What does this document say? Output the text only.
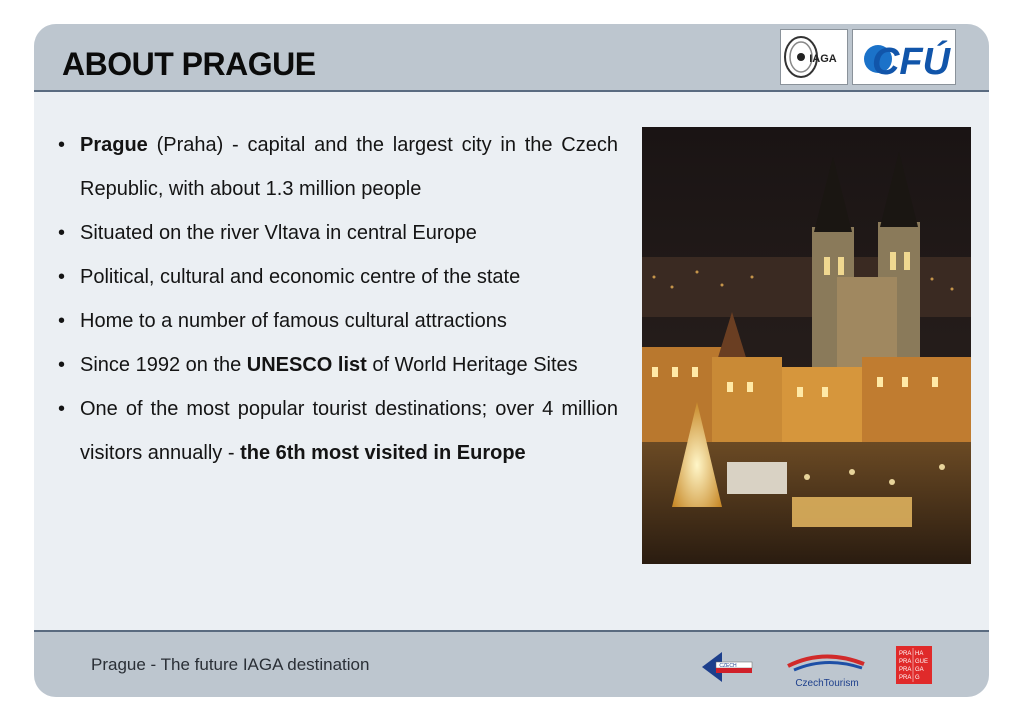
ABOUT PRAGUE	IAGA CFÚ
• Prague (Praha) - capital and the largest city in the Czech Republic, with about 1.3 million people
• Situated on the river Vltava in central Europe
• Political, cultural and economic centre of the state
• Home to a number of famous cultural attractions
• Since 1992 on the UNESCO list of World Heritage Sites
• One of the most popular tourist destinations; over 4 million visitors annually - the 6th most visited in Europe
Prague - The future IAGA destination	CZECH
CzechTourism
PRA HA
PRA GUE
PRA GA
PRA G
